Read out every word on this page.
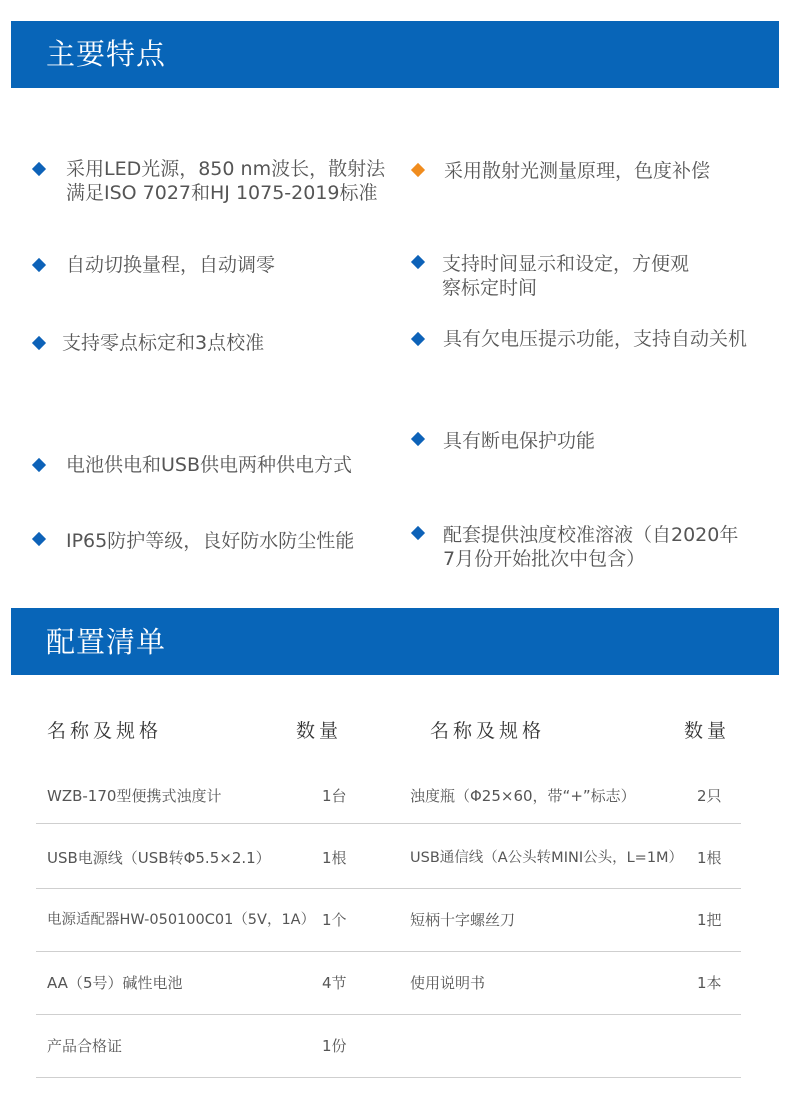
主要特点
采用LED光源，850 nm波长，散射法
满足ISO 7027和HJ 1075-2019标准
自动切换量程，自动调零
支持零点标定和3点校准
电池供电和USB供电两种供电方式
IP65防护等级，良好防水防尘性能
采用散射光测量原理，色度补偿
支持时间显示和设定，方便观
察标定时间
具有欠电压提示功能，支持自动关机
具有断电保护功能
配套提供浊度校准溶液（自2020年
7月份开始批次中包含）
配置清单
名称及规格	数量	名称及规格	数量
WZB-170型便携式浊度计	1台	浊度瓶（Φ25×60，带“+”标志）	2只
USB电源线（USB转Φ5.5×2.1）	1根	USB通信线（A公头转MINI公头，L=1M） 1根
电源适配器HW-050100C01（5V，1A） 1个	短柄十字螺丝刀	1把
AA（5号）碱性电池	4节	使用说明书	1本
产品合格证	1份
